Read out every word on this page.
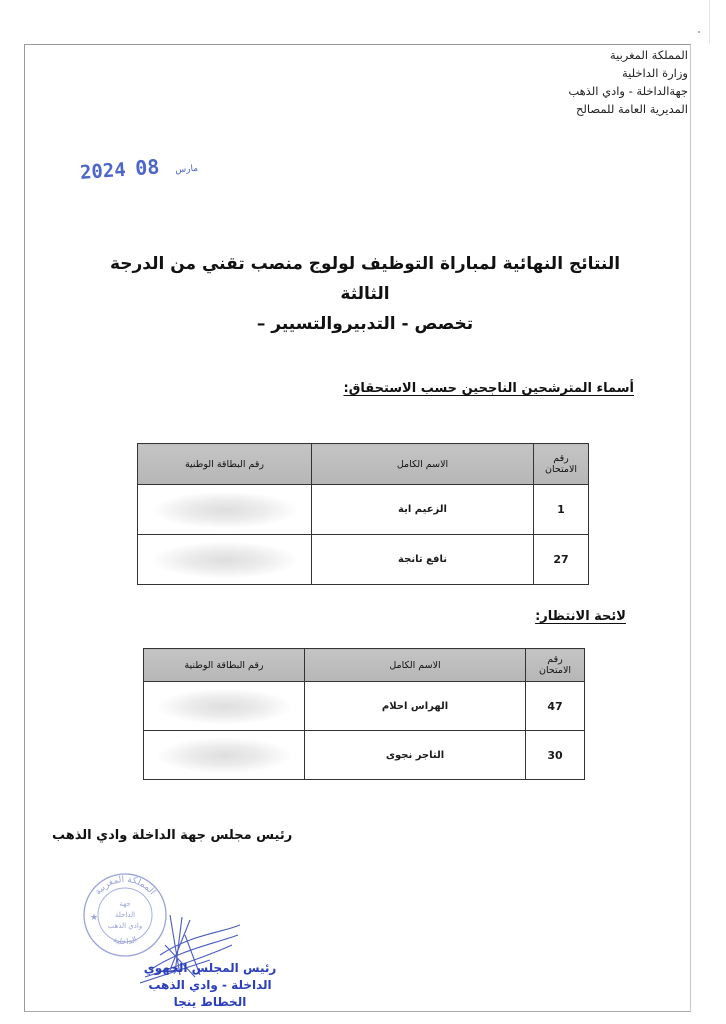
المملكة المغربية
وزارة الداخلية
جهةالداخلة - وادي الذهب
المديرية العامة للمصالح
2024	مارس 08
النتائج النهائية لمباراة التوظيف لولوج منصب تقني من الدرجة الثالثة
تخصص - التدبيروالتسيير –
أسماء المترشحين الناجحين حسب الاستحقاق:
رقم
الامتحان	الاسم الكامل	رقم البطاقة الوطنية
1	الزعيم اية	
27	نافع تانجة	
لائحة الانتظار:
رقم
الامتحان	الاسم الكامل	رقم البطاقة الوطنية
47	الهراس احلام	
30	التاجر نجوى	
رئيس مجلس جهة الداخلة وادي الذهب
المملكة المغربية
الداخلية
جهة
الداخلة
وادي الذهب
★
رئيس المجلس الجهوي
الداخلة - وادي الذهب
الخطاط ينجا
